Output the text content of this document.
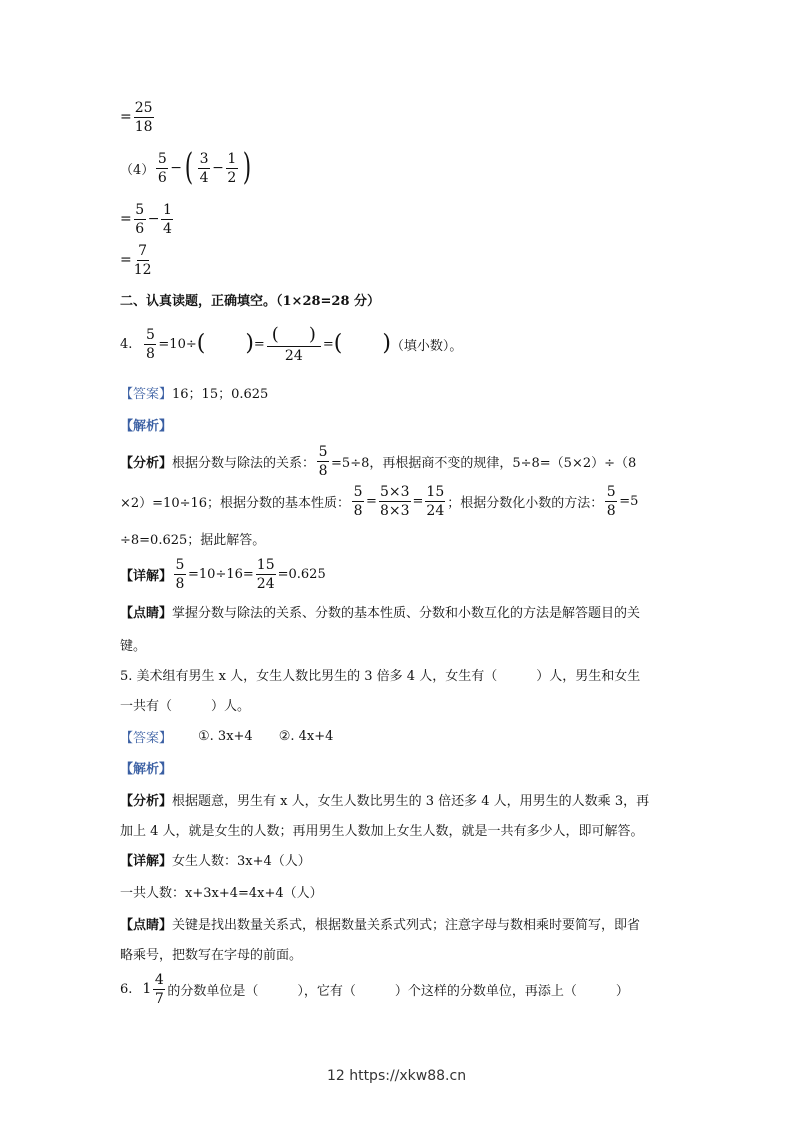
= $\frac{25}{18}$
$(4) \frac{5}{6}$ − ( $\frac{3}{4} - \frac{1}{2}$ )
= $\frac{5}{6} - \frac{1}{4}$
= $\frac{7}{12}$
二、认真读题，正确填空。（1×28=28 分）
4. $\frac{5}{8} =10\div$ ( ) = $\frac{( )}{24}$ = ( ) （填小数）。
【答案】 16；15；0.625
【解析】
【分析】 根据分数与除法的关系： $\frac{5}{8} =5\div 8$，再根据商不变的规律，5÷8=（5×2）÷（8
×2）=10÷16；根据分数的基本性质： $\frac{5}{8} = \frac{5\times 3}{8\times 3} = \frac{15}{24}$ ；根据分数化小数的方法： $\frac{5}{8} =5$
÷8=0.625；据此解答。
【详解】 $\frac{5}{8} =10\div 16= \frac{15}{24} =0.625$
【点睛】 掌握分数与除法的关系、分数的基本性质、分数和小数互化的方法是解答题目的关
键。
5. 美术组有男生 x 人，女生人数比男生的 3 倍多 4 人，女生有（　　　）人，男生和女生
一共有（　　　）人。
【答案】 ①. 3x+4 ②. 4x+4
【解析】
【分析】 根据题意，男生有 x 人，女生人数比男生的 3 倍还多 4 人，用男生的人数乘 3，再
加上 4 人，就是女生的人数；再用男生人数加上女生人数，就是一共有多少人，即可解答。
【详解】 女生人数：3x+4（人）
一共人数：x+3x+4=4x+4（人）
【点睛】 关键是找出数量关系式，根据数量关系式列式；注意字母与数相乘时要简写，即省
略乘号，把数写在字母的前面。
6. $1 \frac{4}{7}$ 的分数单位是（　　　），它有（　　　）个这样的分数单位，再添上（　　　）
12 https://xkw88.cn
